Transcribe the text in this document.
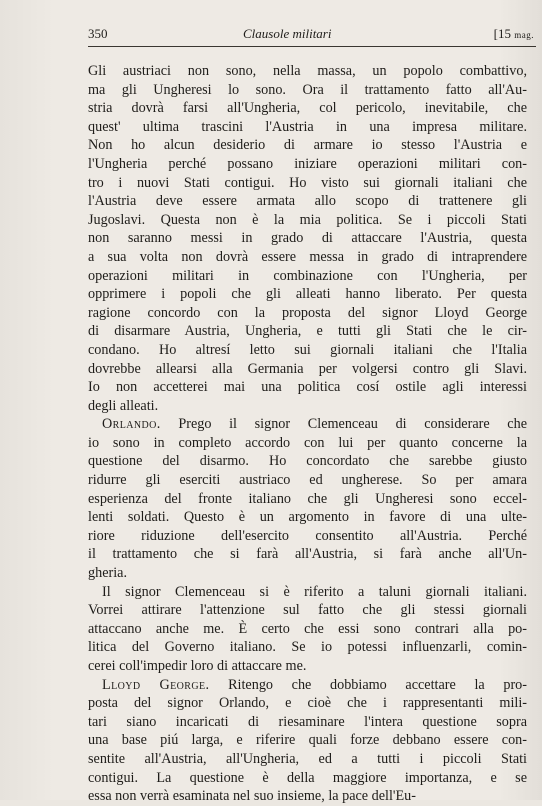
350	Clausole militari	[15 mag.
Gli austriaci non sono, nella massa, un popolo combattivo,
ma gli Ungheresi lo sono. Ora il trattamento fatto all'Au-
stria dovrà farsi all'Ungheria, col pericolo, inevitabile, che
quest' ultima trascini l'Austria in una impresa militare.
Non ho alcun desiderio di armare io stesso l'Austria e
l'Ungheria perché possano iniziare operazioni militari con-
tro i nuovi Stati contigui. Ho visto sui giornali italiani che
l'Austria deve essere armata allo scopo di trattenere gli
Jugoslavi. Questa non è la mia politica. Se i piccoli Stati
non saranno messi in grado di attaccare l'Austria, questa
a sua volta non dovrà essere messa in grado di intraprendere
operazioni militari in combinazione con l'Ungheria, per
opprimere i popoli che gli alleati hanno liberato. Per questa
ragione concordo con la proposta del signor Lloyd George
di disarmare Austria, Ungheria, e tutti gli Stati che le cir-
condano. Ho altresí letto sui giornali italiani che l'Italia
dovrebbe allearsi alla Germania per volgersi contro gli Slavi.
Io non accetterei mai una politica cosí ostile agli interessi
degli alleati.
Orlando. Prego il signor Clemenceau di considerare che
io sono in completo accordo con lui per quanto concerne la
questione del disarmo. Ho concordato che sarebbe giusto
ridurre gli eserciti austriaco ed ungherese. So per amara
esperienza del fronte italiano che gli Ungheresi sono eccel-
lenti soldati. Questo è un argomento in favore di una ulte-
riore riduzione dell'esercito consentito all'Austria. Perché
il trattamento che si farà all'Austria, si farà anche all'Un-
gheria.
Il signor Clemenceau si è riferito a taluni giornali italiani.
Vorrei attirare l'attenzione sul fatto che gli stessi giornali
attaccano anche me. È certo che essi sono contrari alla po-
litica del Governo italiano. Se io potessi influenzarli, comin-
cerei coll'impedir loro di attaccare me.
Lloyd George. Ritengo che dobbiamo accettare la pro-
posta del signor Orlando, e cioè che i rappresentanti mili-
tari siano incaricati di riesaminare l'intera questione sopra
una base piú larga, e riferire quali forze debbano essere con-
sentite all'Austria, all'Ungheria, ed a tutti i piccoli Stati
contigui. La questione è della maggiore importanza, e se
essa non verrà esaminata nel suo insieme, la pace dell'Eu-
